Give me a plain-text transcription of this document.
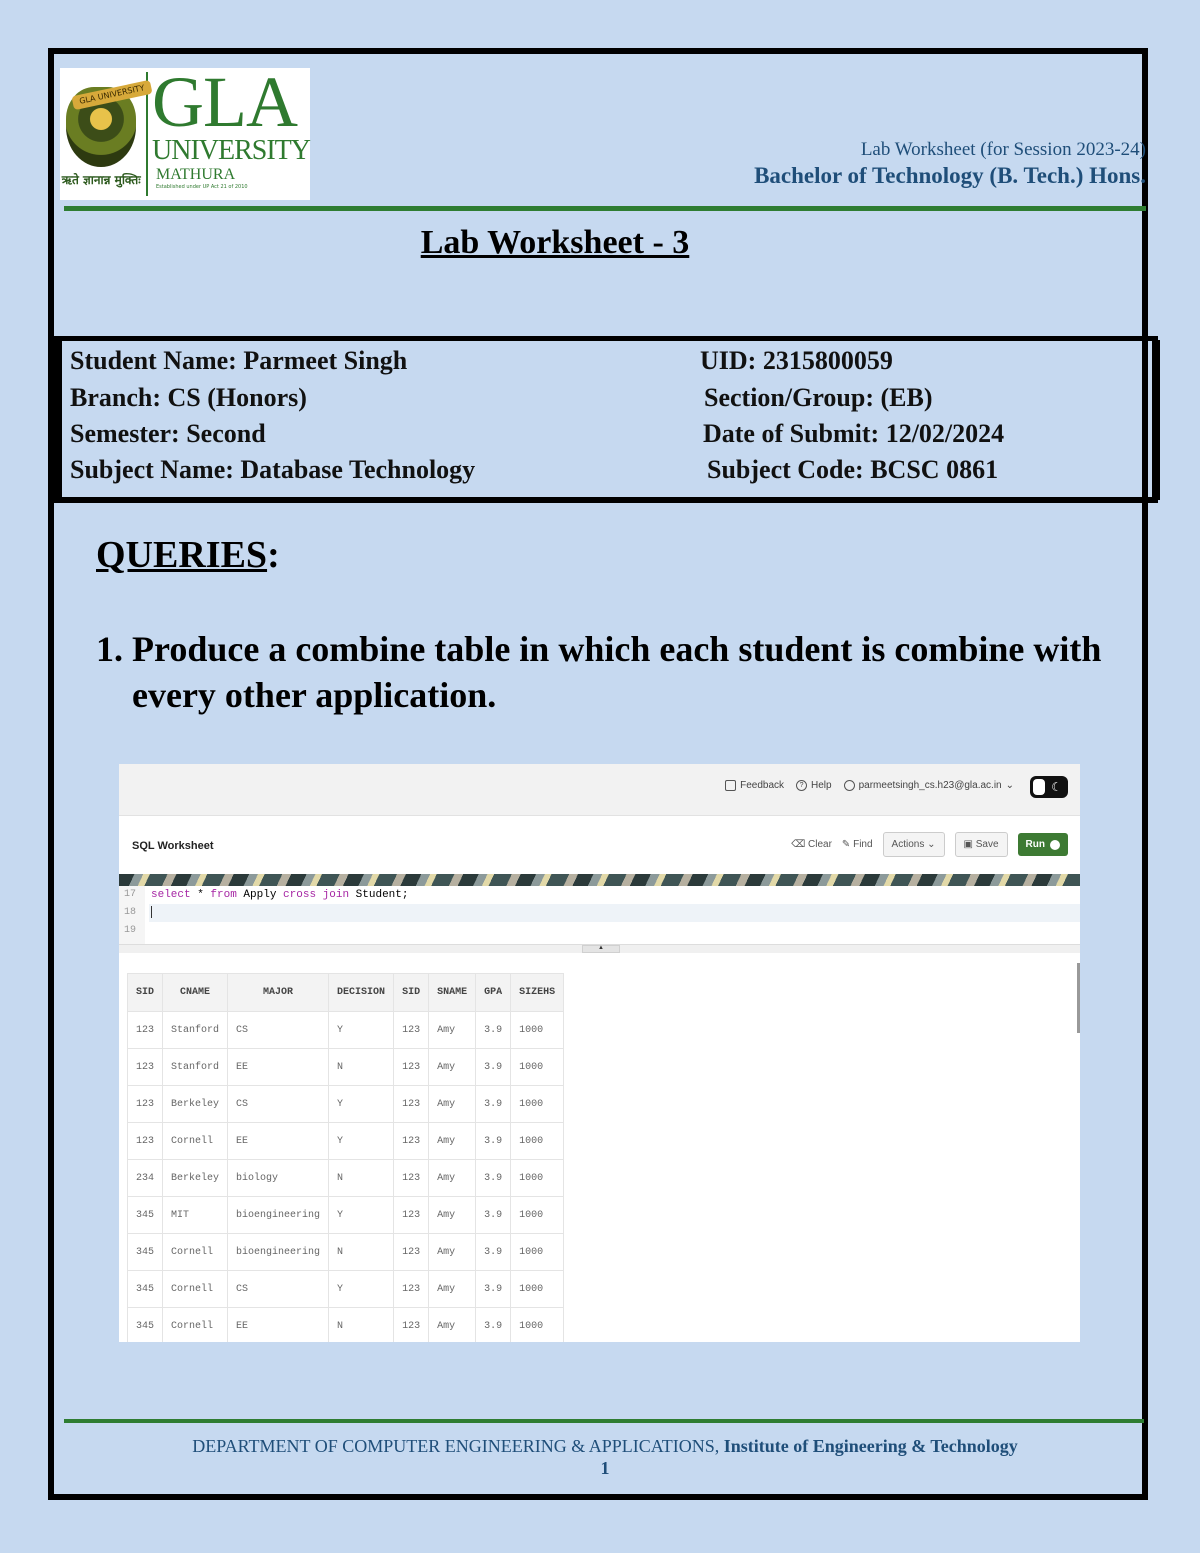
GLA UNIVERSITY
ऋते ज्ञानान्न मुक्तिः
GLA
UNIVERSITY
MATHURA
Established under UP Act 21 of 2010
Lab Worksheet (for Session 2023-24)
Bachelor of Technology (B. Tech.) Hons.
Lab Worksheet - 3
Student Name: Parmeet Singh	UID: 2315800059
Branch: CS (Honors)	Section/Group: (EB)
Semester: Second	Date of Submit: 12/02/2024
Subject Name: Database Technology	Subject Code: BCSC 0861
QUERIES:
1. Produce a combine table in which each student is combine with every other application.
Feedback	? Help	parmeetsingh_cs.h23@gla.ac.in ⌄	☾
SQL Worksheet	⌫ Clear ✎ Find	Actions ⌄	▣ Save	Run
17
18
19
select * from Apply cross join Student;
▲
SID	CNAME	MAJOR	DECISION	SID	SNAME	GPA	SIZEHS
123	Stanford	CS	Y	123	Amy	3.9	1000
123	Stanford	EE	N	123	Amy	3.9	1000
123	Berkeley	CS	Y	123	Amy	3.9	1000
123	Cornell	EE	Y	123	Amy	3.9	1000
234	Berkeley	biology	N	123	Amy	3.9	1000
345	MIT	bioengineering	Y	123	Amy	3.9	1000
345	Cornell	bioengineering	N	123	Amy	3.9	1000
345	Cornell	CS	Y	123	Amy	3.9	1000
345	Cornell	EE	N	123	Amy	3.9	1000
DEPARTMENT OF COMPUTER ENGINEERING & APPLICATIONS, Institute of Engineering & Technology
1
